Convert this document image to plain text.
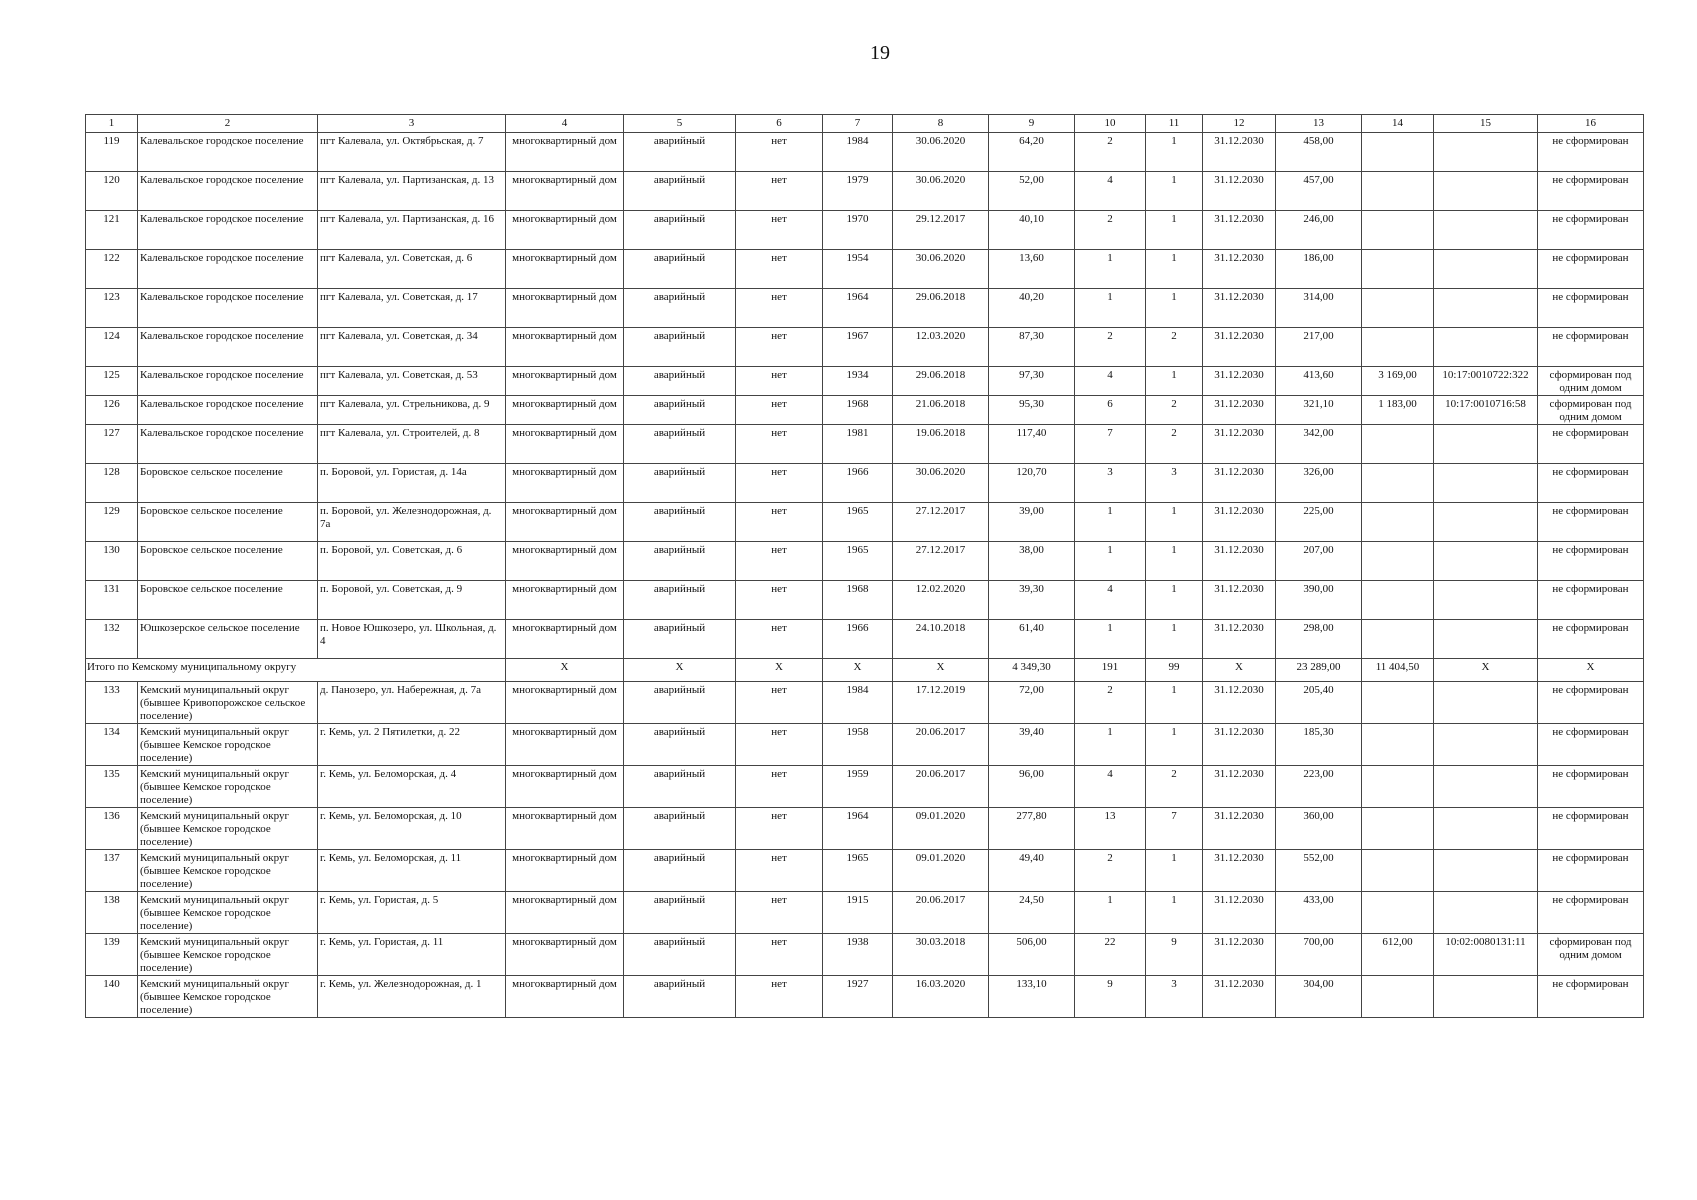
19
1	2	3	4	5	6	7	8	9	10	11	12	13	14	15	16
119	Калевальское городское поселение	пгт Калевала, ул. Октябрьская, д. 7	многоквартирный дом	аварийный	нет	1984	30.06.2020	64,20	2	1	31.12.2030	458,00			не сформирован
120	Калевальское городское поселение	пгт Калевала, ул. Партизанская, д. 13	многоквартирный дом	аварийный	нет	1979	30.06.2020	52,00	4	1	31.12.2030	457,00			не сформирован
121	Калевальское городское поселение	пгт Калевала, ул. Партизанская, д. 16	многоквартирный дом	аварийный	нет	1970	29.12.2017	40,10	2	1	31.12.2030	246,00			не сформирован
122	Калевальское городское поселение	пгт Калевала, ул. Советская, д. 6	многоквартирный дом	аварийный	нет	1954	30.06.2020	13,60	1	1	31.12.2030	186,00			не сформирован
123	Калевальское городское поселение	пгт Калевала, ул. Советская, д. 17	многоквартирный дом	аварийный	нет	1964	29.06.2018	40,20	1	1	31.12.2030	314,00			не сформирован
124	Калевальское городское поселение	пгт Калевала, ул. Советская, д. 34	многоквартирный дом	аварийный	нет	1967	12.03.2020	87,30	2	2	31.12.2030	217,00			не сформирован
125	Калевальское городское поселение	пгт Калевала, ул. Советская, д. 53	многоквартирный дом	аварийный	нет	1934	29.06.2018	97,30	4	1	31.12.2030	413,60	3 169,00	10:17:0010722:322	сформирован под одним домом
126	Калевальское городское поселение	пгт Калевала, ул. Стрельникова, д. 9	многоквартирный дом	аварийный	нет	1968	21.06.2018	95,30	6	2	31.12.2030	321,10	1 183,00	10:17:0010716:58	сформирован под одним домом
127	Калевальское городское поселение	пгт Калевала, ул. Строителей, д. 8	многоквартирный дом	аварийный	нет	1981	19.06.2018	117,40	7	2	31.12.2030	342,00			не сформирован
128	Боровское сельское поселение	п. Боровой, ул. Гористая, д. 14а	многоквартирный дом	аварийный	нет	1966	30.06.2020	120,70	3	3	31.12.2030	326,00			не сформирован
129	Боровское сельское поселение	п. Боровой, ул. Железнодорожная, д. 7а	многоквартирный дом	аварийный	нет	1965	27.12.2017	39,00	1	1	31.12.2030	225,00			не сформирован
130	Боровское сельское поселение	п. Боровой, ул. Советская, д. 6	многоквартирный дом	аварийный	нет	1965	27.12.2017	38,00	1	1	31.12.2030	207,00			не сформирован
131	Боровское сельское поселение	п. Боровой, ул. Советская, д. 9	многоквартирный дом	аварийный	нет	1968	12.02.2020	39,30	4	1	31.12.2030	390,00			не сформирован
132	Юшкозерское сельское поселение	п. Новое Юшкозеро, ул. Школьная, д. 4	многоквартирный дом	аварийный	нет	1966	24.10.2018	61,40	1	1	31.12.2030	298,00			не сформирован
Итого по Кемскому муниципальному округу			X	X	X	X	X	4 349,30	191	99	X	23 289,00	11 404,50	X	X
133	Кемский муниципальный округ (бывшее Кривопорожское сельское поселение)	д. Панозеро, ул. Набережная, д. 7а	многоквартирный дом	аварийный	нет	1984	17.12.2019	72,00	2	1	31.12.2030	205,40			не сформирован
134	Кемский муниципальный округ (бывшее Кемское городское поселение)	г. Кемь, ул. 2 Пятилетки, д. 22	многоквартирный дом	аварийный	нет	1958	20.06.2017	39,40	1	1	31.12.2030	185,30			не сформирован
135	Кемский муниципальный округ (бывшее Кемское городское поселение)	г. Кемь, ул. Беломорская, д. 4	многоквартирный дом	аварийный	нет	1959	20.06.2017	96,00	4	2	31.12.2030	223,00			не сформирован
136	Кемский муниципальный округ (бывшее Кемское городское поселение)	г. Кемь, ул. Беломорская, д. 10	многоквартирный дом	аварийный	нет	1964	09.01.2020	277,80	13	7	31.12.2030	360,00			не сформирован
137	Кемский муниципальный округ (бывшее Кемское городское поселение)	г. Кемь, ул. Беломорская, д. 11	многоквартирный дом	аварийный	нет	1965	09.01.2020	49,40	2	1	31.12.2030	552,00			не сформирован
138	Кемский муниципальный округ (бывшее Кемское городское поселение)	г. Кемь, ул. Гористая, д. 5	многоквартирный дом	аварийный	нет	1915	20.06.2017	24,50	1	1	31.12.2030	433,00			не сформирован
139	Кемский муниципальный округ (бывшее Кемское городское поселение)	г. Кемь, ул. Гористая, д. 11	многоквартирный дом	аварийный	нет	1938	30.03.2018	506,00	22	9	31.12.2030	700,00	612,00	10:02:0080131:11	сформирован под одним домом
140	Кемский муниципальный округ (бывшее Кемское городское поселение)	г. Кемь, ул. Железнодорожная, д. 1	многоквартирный дом	аварийный	нет	1927	16.03.2020	133,10	9	3	31.12.2030	304,00			не сформирован
